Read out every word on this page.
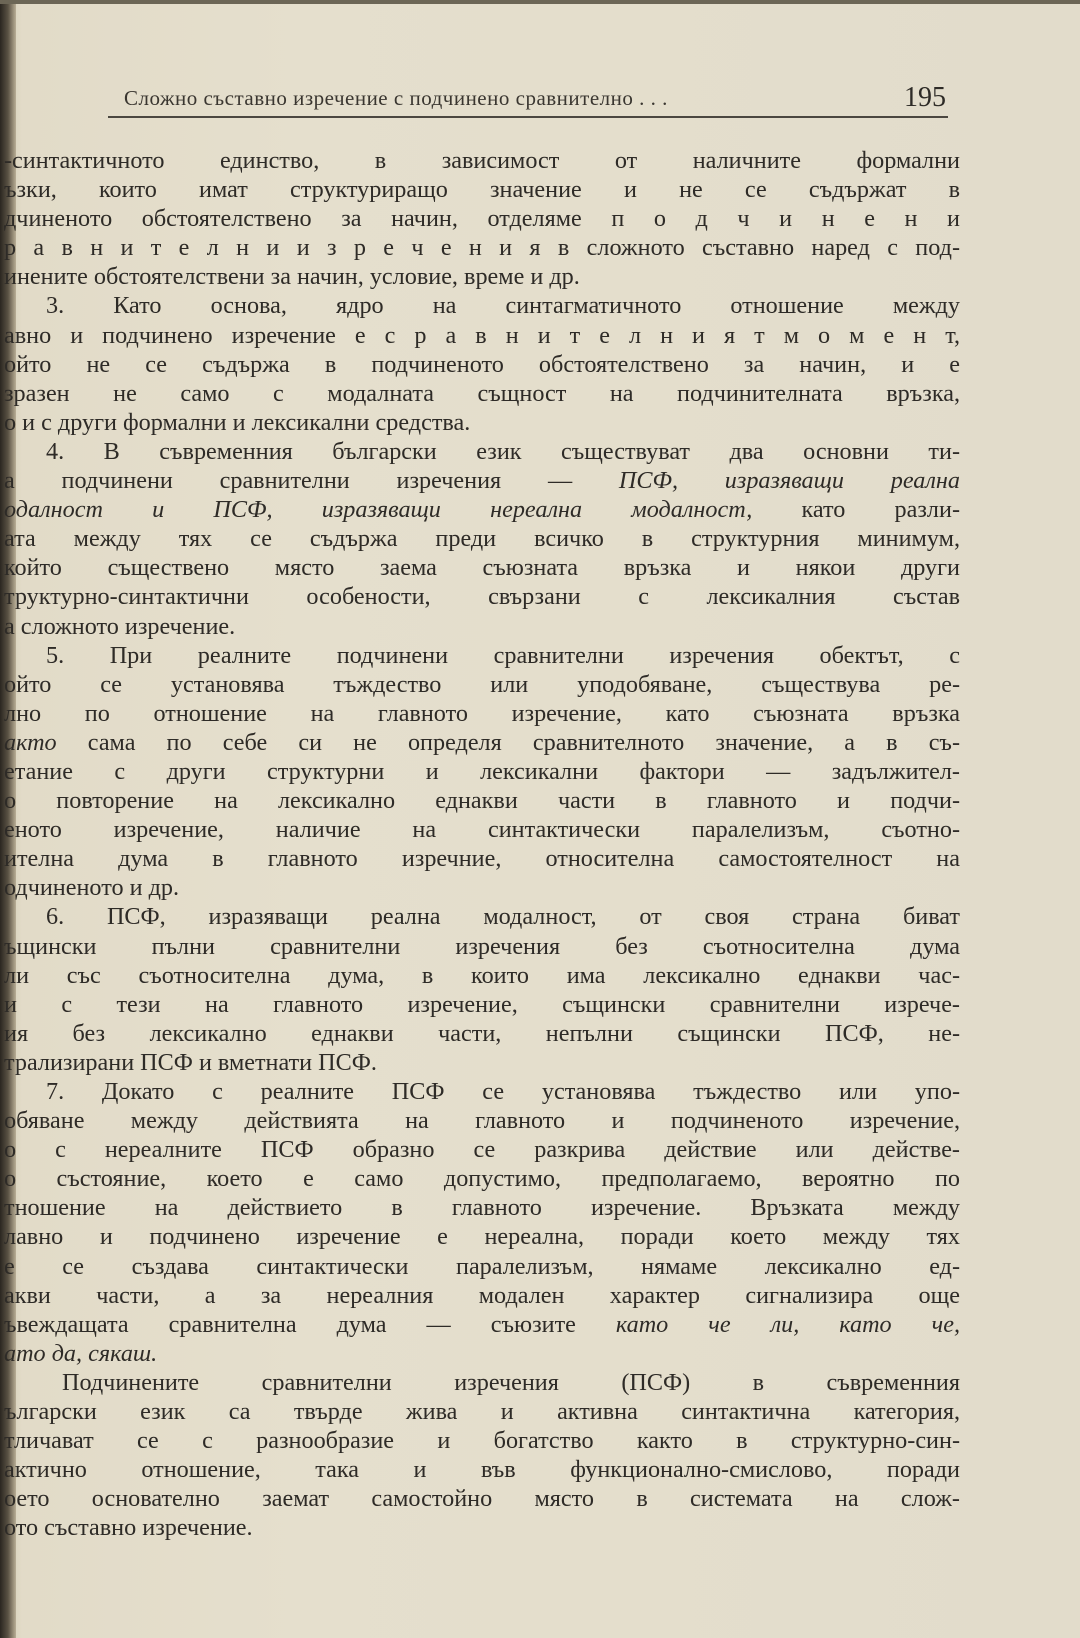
Сложно съставно изречение с подчинено сравнително . . .	195
-синтактичното единство, в зависимост от наличните формални
ъзки, които имат структуриращо значение и не се съдържат в
дчиненото обстоятелствено за начин, отделяме п о д ч и н е н и
р а в н и т е л н и и з р е ч е н и я в сложното съставно наред с под-
инените обстоятелствени за начин, условие, време и др.
3. Като основа, ядро на синтагматичното отношение между
авно и подчинено изречение е с р а в н и т е л н и я т м о м е н т,
ойто не се съдържа в подчиненото обстоятелствено за начин, и е
зразен не само с модалната същност на подчинителната връзка,
о и с други формални и лексикални средства.
4. В съвременния български език съществуват два основни ти-
а подчинени сравнителни изречения — ПСФ, изразяващи реална
одалност и ПСФ, изразяващи нереална модалност, като разли-
ата между тях се съдържа преди всичко в структурния минимум,
който съществено място заема съюзната връзка и някои други
труктурно-синтактични особености, свързани с лексикалния състав
а сложното изречение.
5. При реалните подчинени сравнителни изречения обектът, с
ойто се установява тъждество или уподобяване, съществува ре-
лно по отношение на главното изречение, като съюзната връзка
акто сама по себе си не определя сравнителното значение, а в съ-
етание с други структурни и лексикални фактори — задължител-
о повторение на лексикално еднакви части в главното и подчи-
еното изречение, наличие на синтактически паралелизъм, съотно-
ителна дума в главното изречние, относителна самостоятелност на
одчиненото и др.
6. ПСФ, изразяващи реална модалност, от своя страна биват
ъщински пълни сравнителни изречения без съотносителна дума
ли със съотносителна дума, в които има лексикално еднакви час-
и с тези на главното изречение, същински сравнителни изрече-
ия без лексикално еднакви части, непълни същински ПСФ, не-
трализирани ПСФ и вметнати ПСФ.
7. Докато с реалните ПСФ се установява тъждество или упо-
обяване между действията на главното и подчиненото изречение,
о с нереалните ПСФ образно се разкрива действие или действе-
о състояние, което е само допустимо, предполагаемо, вероятно по
тношение на действието в главното изречение. Връзката между
лавно и подчинено изречение е нереална, поради което между тях
е се създава синтактически паралелизъм, нямаме лексикално ед-
акви части, а за нереалния модален характер сигнализира още
ъвеждащата сравнителна дума — съюзите като че ли, като че,
ато да, сякаш.
Подчинените сравнителни изречения (ПСФ) в съвременния
ългарски език са твърде жива и активна синтактична категория,
тличават се с разнообразие и богатство както в структурно-син-
актично отношение, така и във функционално-смислово, поради
оето основателно заемат самостойно място в системата на слож-
ото съставно изречение.
